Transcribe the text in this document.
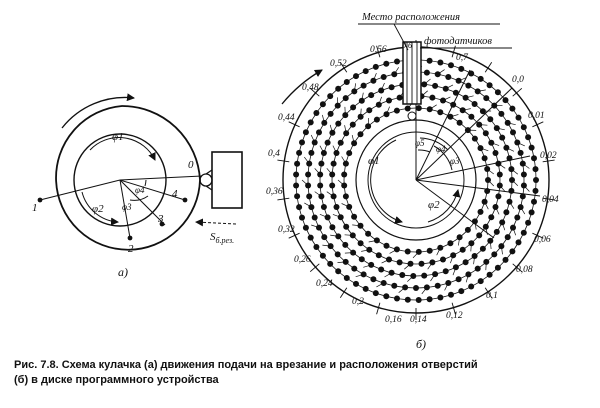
0
1
2
3
4
φ1
φ2 φ3
φ4
$S_{б.рез.}$
а)
Место расположения
фотодатчиков
φ1
φ2
φ3
φ4
φ5
б)
0,0
0,01
0,02
0,04
0,06
0,08
0,1
0,12
0,14
0,16
0,2
0,24
0,26
0,32
0,36
0,4
0,44
0,48
0,52
0,56 0,6
0,7
Рис. 7.8. Схема кулачка (а) движения подачи на врезание и расположения отверстий
(б) в диске программного устройства
